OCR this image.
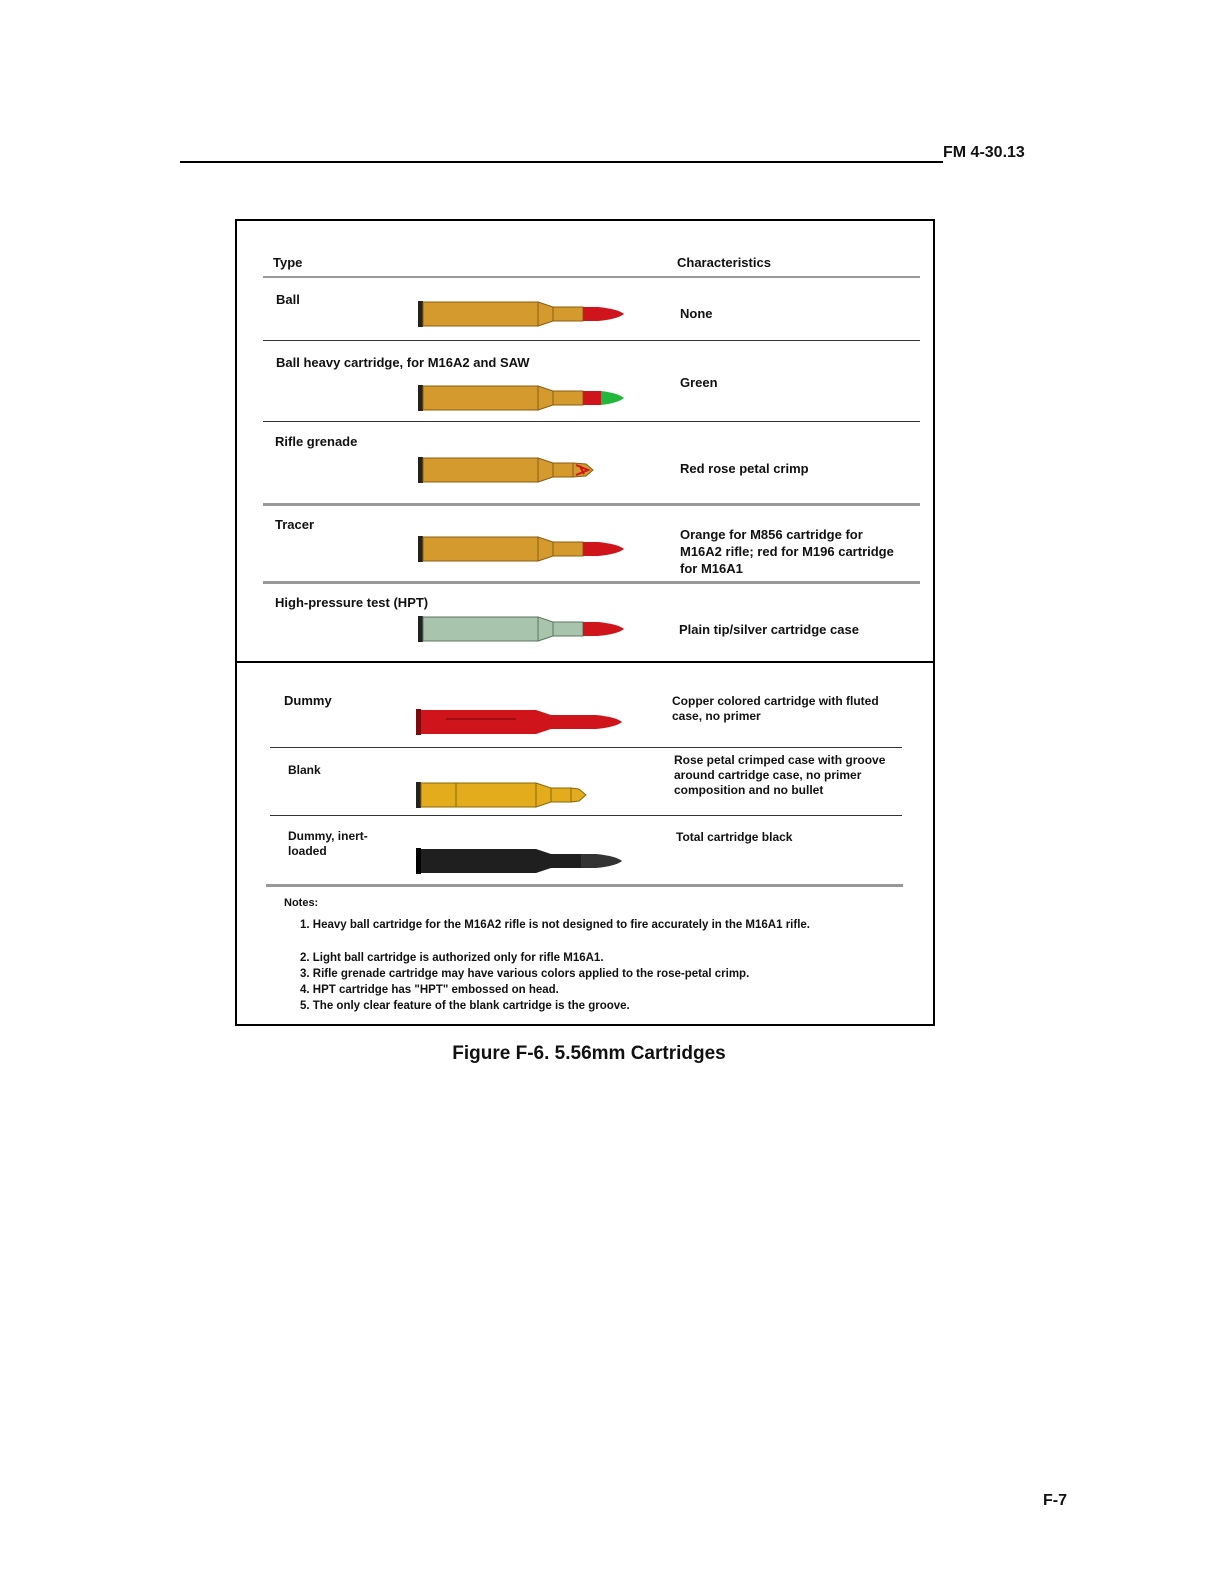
FM 4-30.13
Type	Characteristics
Ball
None
Ball heavy cartridge, for M16A2 and SAW
Green
Rifle grenade
Red rose petal crimp
Tracer
Orange for M856 cartridge for M16A2 rifle; red for M196 cartridge for M16A1
High-pressure test (HPT)
Plain tip/silver cartridge case
Dummy	Copper colored cartridge with fluted case, no primer
Blank
Rose petal crimped case with groove around cartridge case, no primer composition and no bullet
Dummy, inert-loaded
Total cartridge black
Notes:
1. Heavy ball cartridge for the M16A2 rifle is not designed to fire accurately in the M16A1 rifle.
2. Light ball cartridge is authorized only for rifle M16A1.
3. Rifle grenade cartridge may have various colors applied to the rose-petal crimp.
4. HPT cartridge has "HPT" embossed on head.
5. The only clear feature of the blank cartridge is the groove.
Figure F-6. 5.56mm Cartridges
F-7
